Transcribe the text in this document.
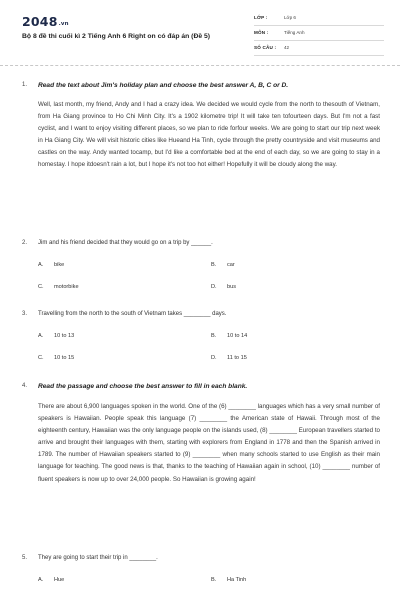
2048.vn
Bộ 8 đề thi cuối kì 2 Tiếng Anh 6 Right on có đáp án (Đề 5)
LỚP :	Lớp 6
MÔN :	Tiếng Anh
SỐ CÂU : 42
1. Read the text about Jim's holiday plan and choose the best answer A, B, C or D.
Well, last month, my friend, Andy and I had a crazy idea. We decided we would cycle from the north to thesouth of Vietnam, from Ha Giang province to Ho Chi Minh City. It's a 1902 kilometre trip! It will take ten tofourteen days. But I'm not a fast cyclist, and I want to enjoy visiting different places, so we plan to ride forfour weeks. We are going to start our trip next week in Ha Giang City. We will visit historic cities like Hueand Ha Tinh, cycle through the pretty countryside and visit museums and castles on the way. Andy wanted tocamp, but I'd like a comfortable bed at the end of each day, so we are going to stay in a homestay. I hope itdoesn't rain a lot, but I hope it's not too hot either! Hopefully it will be cloudy along the way.
2. Jim and his friend decided that they would go on a trip by ______.
A. bike	B. car
C. motorbike	D. bus
3. Travelling from the north to the south of Vietnam takes ________ days.
A. 10 to 13	B. 10 to 14
C. 10 to 15	D. 11 to 15
4. Read the passage and choose the best answer to fill in each blank.
There are about 6,900 languages spoken in the world. One of the (6) ________ languages which has a very small number of speakers is Hawaiian. People speak this language (7) ________ the American state of Hawaii. Through most of the eighteenth century, Hawaiian was the only language people on the islands used, (8) ________ European travellers started to arrive and brought their languages with them, starting with explorers from England in 1778 and then the Spanish arrived in 1789. The number of Hawaiian speakers started to (9) ________ when many schools started to use English as their main language for teaching. The good news is that, thanks to the teaching of Hawaiian again in school, (10) ________ number of fluent speakers is now up to over 24,000 people. So Hawaiian is growing again!
5. They are going to start their trip in ________.
A. Hue	B. Ha Tinh
